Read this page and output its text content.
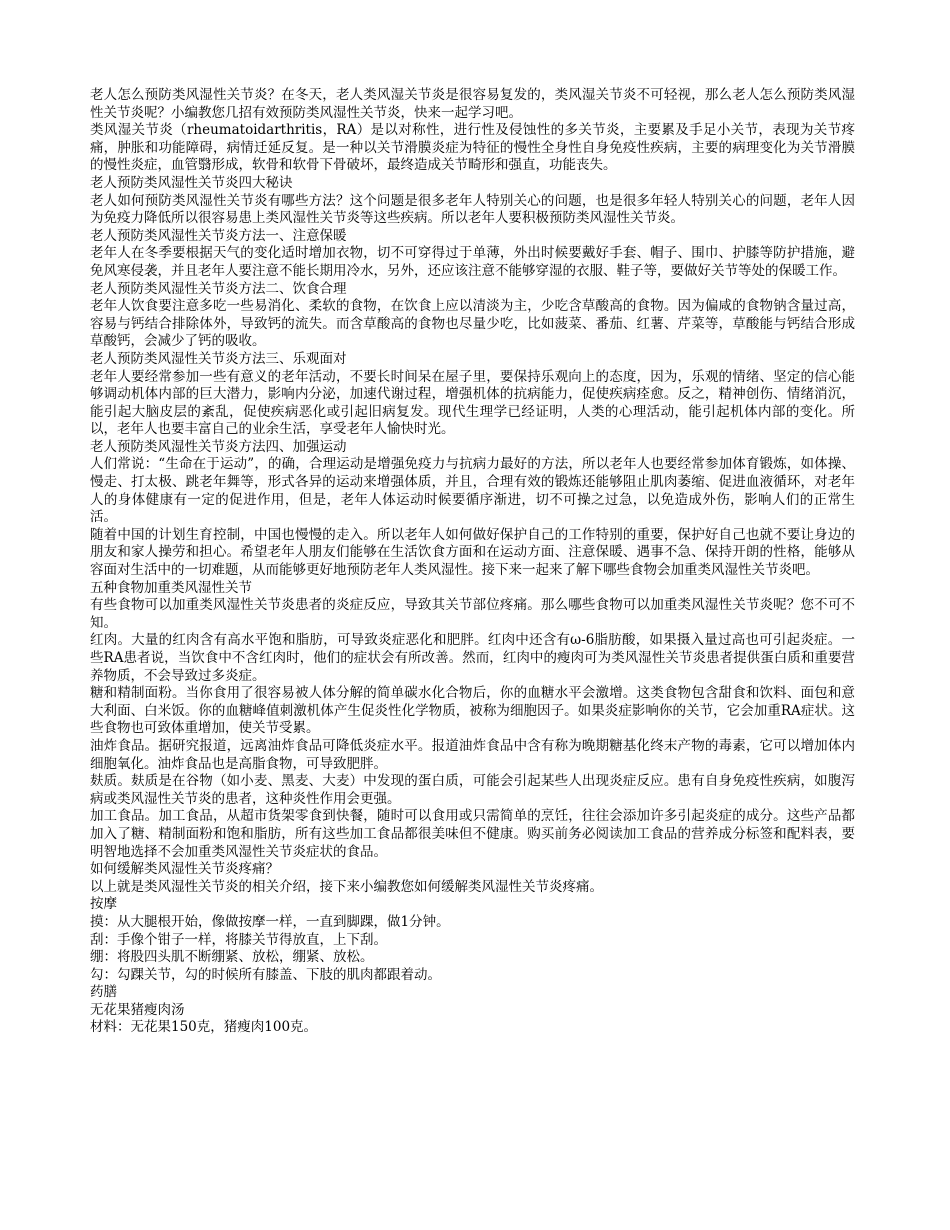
老人怎么预防类风湿性关节炎？在冬天，老人类风湿关节炎是很容易复发的，类风湿关节炎不可轻视，那么老人怎么预防类风湿性关节炎呢？小编教您几招有效预防类风湿性关节炎，快来一起学习吧。

类风湿关节炎（rheumatoidarthritis，RA）是以对称性，进行性及侵蚀性的多关节炎，主要累及手足小关节，表现为关节疼痛，肿胀和功能障碍，病情迁延反复。是一种以关节滑膜炎症为特征的慢性全身性自身免疫性疾病，主要的病理变化为关节滑膜的慢性炎症，血管翳形成，软骨和软骨下骨破坏，最终造成关节畸形和强直，功能丧失。

老人预防类风湿性关节炎四大秘诀

老人如何预防类风湿性关节炎有哪些方法？这个问题是很多老年人特别关心的问题，也是很多年轻人特别关心的问题，老年人因为免疫力降低所以很容易患上类风湿性关节炎等这些疾病。所以老年人要积极预防类风湿性关节炎。

老人预防类风湿性关节炎方法一、注意保暖

老年人在冬季要根据天气的变化适时增加衣物，切不可穿得过于单薄，外出时候要戴好手套、帽子、围巾、护膝等防护措施，避免风寒侵袭，并且老年人要注意不能长期用冷水，另外，还应该注意不能够穿湿的衣服、鞋子等，要做好关节等处的保暖工作。

老人预防类风湿性关节炎方法二、饮食合理

老年人饮食要注意多吃一些易消化、柔软的食物，在饮食上应以清淡为主，少吃含草酸高的食物。因为偏咸的食物钠含量过高，容易与钙结合排除体外，导致钙的流失。而含草酸高的食物也尽量少吃，比如菠菜、番茄、红薯、芹菜等，草酸能与钙结合形成草酸钙，会减少了钙的吸收。

老人预防类风湿性关节炎方法三、乐观面对

老年人要经常参加一些有意义的老年活动，不要长时间呆在屋子里，要保持乐观向上的态度，因为，乐观的情绪、坚定的信心能够调动机体内部的巨大潜力，影响内分泌，加速代谢过程，增强机体的抗病能力，促使疾病痊愈。反之，精神创伤、情绪消沉，能引起大脑皮层的紊乱，促使疾病恶化或引起旧病复发。现代生理学已经证明，人类的心理活动，能引起机体内部的变化。所以，老年人也要丰富自己的业余生活，享受老年人愉快时光。

老人预防类风湿性关节炎方法四、加强运动

人们常说：“生命在于运动”，的确，合理运动是增强免疫力与抗病力最好的方法，所以老年人也要经常参加体育锻炼，如体操、慢走、打太极、跳老年舞等，形式各异的运动来增强体质，并且，合理有效的锻炼还能够阻止肌肉萎缩、促进血液循环，对老年人的身体健康有一定的促进作用，但是，老年人体运动时候要循序渐进，切不可操之过急，以免造成外伤，影响人们的正常生活。

随着中国的计划生育控制，中国也慢慢的走入。所以老年人如何做好保护自己的工作特别的重要，保护好自己也就不要让身边的朋友和家人操劳和担心。希望老年人朋友们能够在生活饮食方面和在运动方面、注意保暖、遇事不急、保持开朗的性格，能够从容面对生活中的一切难题，从而能够更好地预防老年人类风湿性。接下来一起来了解下哪些食物会加重类风湿性关节炎吧。

五种食物加重类风湿性关节

有些食物可以加重类风湿性关节炎患者的炎症反应，导致其关节部位疼痛。那么哪些食物可以加重类风湿性关节炎呢？您不可不知。

红肉。大量的红肉含有高水平饱和脂肪，可导致炎症恶化和肥胖。红肉中还含有ω-6脂肪酸，如果摄入量过高也可引起炎症。一些RA患者说，当饮食中不含红肉时，他们的症状会有所改善。然而，红肉中的瘦肉可为类风湿性关节炎患者提供蛋白质和重要营养物质，不会导致过多炎症。

糖和精制面粉。当你食用了很容易被人体分解的简单碳水化合物后，你的血糖水平会激增。这类食物包含甜食和饮料、面包和意大利面、白米饭。你的血糖峰值刺激机体产生促炎性化学物质，被称为细胞因子。如果炎症影响你的关节，它会加重RA症状。这些食物也可致体重增加，使关节受累。

油炸食品。据研究报道，远离油炸食品可降低炎症水平。报道油炸食品中含有称为晚期糖基化终末产物的毒素，它可以增加体内细胞氧化。油炸食品也是高脂食物，可导致肥胖。

麸质。麸质是在谷物（如小麦、黑麦、大麦）中发现的蛋白质，可能会引起某些人出现炎症反应。患有自身免疫性疾病，如腹泻病或类风湿性关节炎的患者，这种炎性作用会更强。

加工食品。加工食品，从超市货架零食到快餐，随时可以食用或只需简单的烹饪，往往会添加许多引起炎症的成分。这些产品都加入了糖、精制面粉和饱和脂肪，所有这些加工食品都很美味但不健康。购买前务必阅读加工食品的营养成分标签和配料表，要明智地选择不会加重类风湿性关节炎症状的食品。

如何缓解类风湿性关节炎疼痛？

以上就是类风湿性关节炎的相关介绍，接下来小编教您如何缓解类风湿性关节炎疼痛。

按摩

摸：从大腿根开始，像做按摩一样，一直到脚踝，做1分钟。

刮：手像个钳子一样，将膝关节得放直，上下刮。

绷：将股四头肌不断绷紧、放松，绷紧、放松。

勾：勾踝关节，勾的时候所有膝盖、下肢的肌肉都跟着动。

药膳

无花果猪瘦肉汤

材料：无花果150克，猪瘦肉100克。
